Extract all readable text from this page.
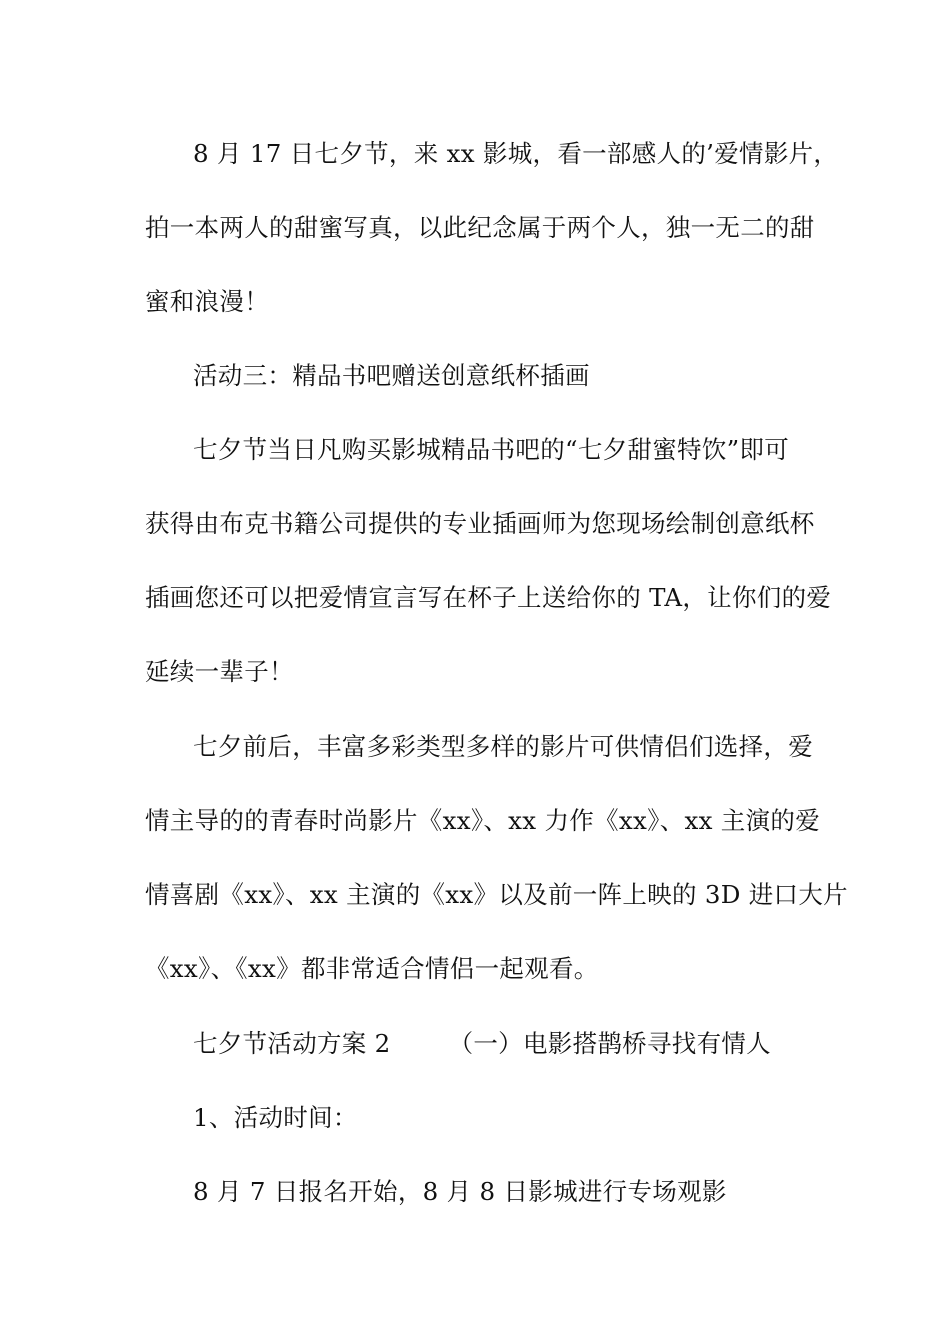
8 月 17 日七夕节，来 xx 影城，看一部感人的’爱情影片，
拍一本两人的甜蜜写真，以此纪念属于两个人，独一无二的甜
蜜和浪漫！
活动三：精品书吧赠送创意纸杯插画
七夕节当日凡购买影城精品书吧的“七夕甜蜜特饮”即可
获得由布克书籍公司提供的专业插画师为您现场绘制创意纸杯
插画您还可以把爱情宣言写在杯子上送给你的 TA，让你们的爱
延续一辈子！
七夕前后，丰富多彩类型多样的影片可供情侣们选择，爱
情主导的的青春时尚影片《xx》、xx 力作《xx》、xx 主演的爱
情喜剧《xx》、xx 主演的《xx》以及前一阵上映的 3D 进口大片
《xx》、《xx》都非常适合情侣一起观看。
七夕节活动方案 2 （一）电影搭鹊桥寻找有情人
1、活动时间：
8 月 7 日报名开始，8 月 8 日影城进行专场观影
